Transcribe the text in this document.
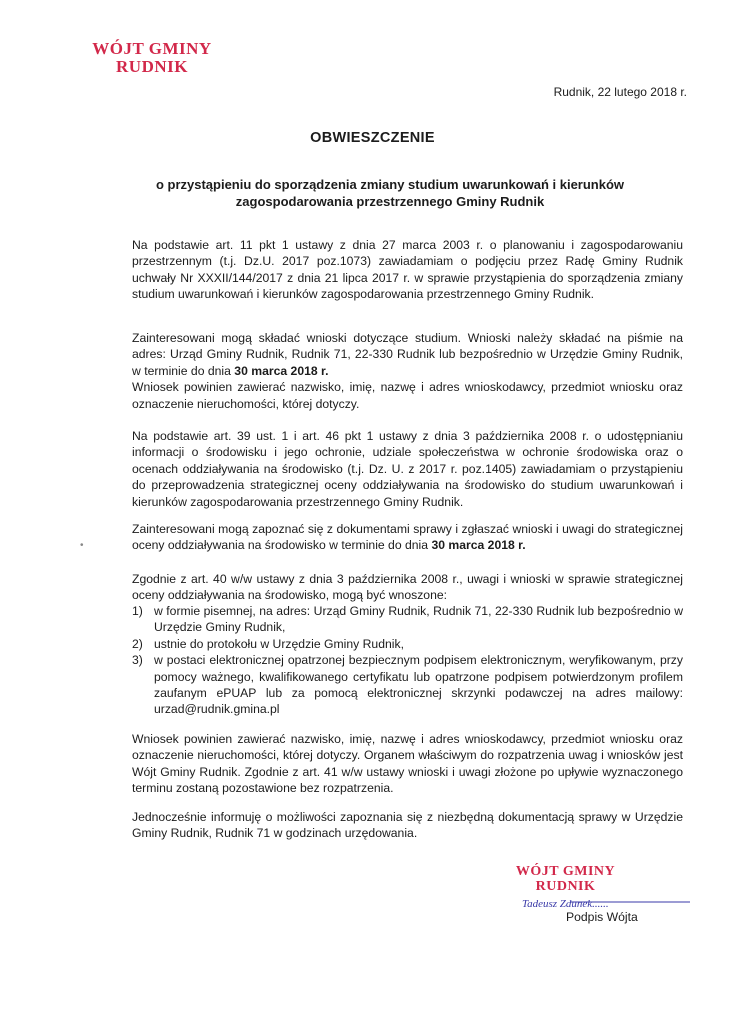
WÓJT GMINY
RUDNIK
Rudnik, 22 lutego 2018 r.
OBWIESZCZENIE
o przystąpieniu do sporządzenia zmiany studium uwarunkowań i kierunków
zagospodarowania przestrzennego Gminy Rudnik

Na podstawie art. 11 pkt 1 ustawy z dnia 27 marca 2003 r. o planowaniu i zagospodarowaniu przestrzennym (t.j. Dz.U. 2017 poz.1073) zawiadamiam o podjęciu przez Radę Gminy Rudnik uchwały Nr XXXII/144/2017 z dnia 21 lipca 2017 r. w sprawie przystąpienia do sporządzenia zmiany studium uwarunkowań i kierunków zagospodarowania przestrzennego Gminy Rudnik.

Zainteresowani mogą składać wnioski dotyczące studium. Wnioski należy składać na piśmie na adres: Urząd Gminy Rudnik, Rudnik 71, 22-330 Rudnik lub bezpośrednio w Urzędzie Gminy Rudnik, w terminie do dnia 30 marca 2018 r.
Wniosek powinien zawierać nazwisko, imię, nazwę i adres wnioskodawcy, przedmiot wniosku oraz oznaczenie nieruchomości, której dotyczy.

Na podstawie art. 39 ust. 1 i art. 46 pkt 1 ustawy z dnia 3 października 2008 r. o udostępnianiu informacji o środowisku i jego ochronie, udziale społeczeństwa w ochronie środowiska oraz o ocenach oddziaływania na środowisko (t.j. Dz. U. z 2017 r. poz.1405) zawiadamiam o przystąpieniu do przeprowadzenia strategicznej oceny oddziaływania na środowisko do studium uwarunkowań i kierunków zagospodarowania przestrzennego Gminy Rudnik.

Zainteresowani mogą zapoznać się z dokumentami sprawy i zgłaszać wnioski i uwagi do strategicznej oceny oddziaływania na środowisko w terminie do dnia 30 marca 2018 r.

Zgodnie z art. 40 w/w ustawy z dnia 3 października 2008 r., uwagi i wnioski w sprawie strategicznej oceny oddziaływania na środowisko, mogą być wnoszone:

1) w formie pisemnej, na adres: Urząd Gminy Rudnik, Rudnik 71, 22-330 Rudnik lub bezpośrednio w Urzędzie Gminy Rudnik,
2) ustnie do protokołu w Urzędzie Gminy Rudnik,
3) w postaci elektronicznej opatrzonej bezpiecznym podpisem elektronicznym, weryfikowanym, przy pomocy ważnego, kwalifikowanego certyfikatu lub opatrzone podpisem potwierdzonym profilem zaufanym ePUAP lub za pomocą elektronicznej skrzynki podawczej na adres mailowy: urzad@rudnik.gmina.pl

Wniosek powinien zawierać nazwisko, imię, nazwę i adres wnioskodawcy, przedmiot wniosku oraz oznaczenie nieruchomości, której dotyczy. Organem właściwym do rozpatrzenia uwag i wniosków jest Wójt Gminy Rudnik. Zgodnie z art. 41 w/w ustawy wnioski i uwagi złożone po upływie wyznaczonego terminu zostaną pozostawione bez rozpatrzenia.

Jednocześnie informuję o możliwości zapoznania się z niezbędną dokumentacją sprawy w Urzędzie Gminy Rudnik, Rudnik 71 w godzinach urzędowania.

WÓJT GMINY
RUDNIK
Tadeusz Zdunek......
Podpis Wójta
•
